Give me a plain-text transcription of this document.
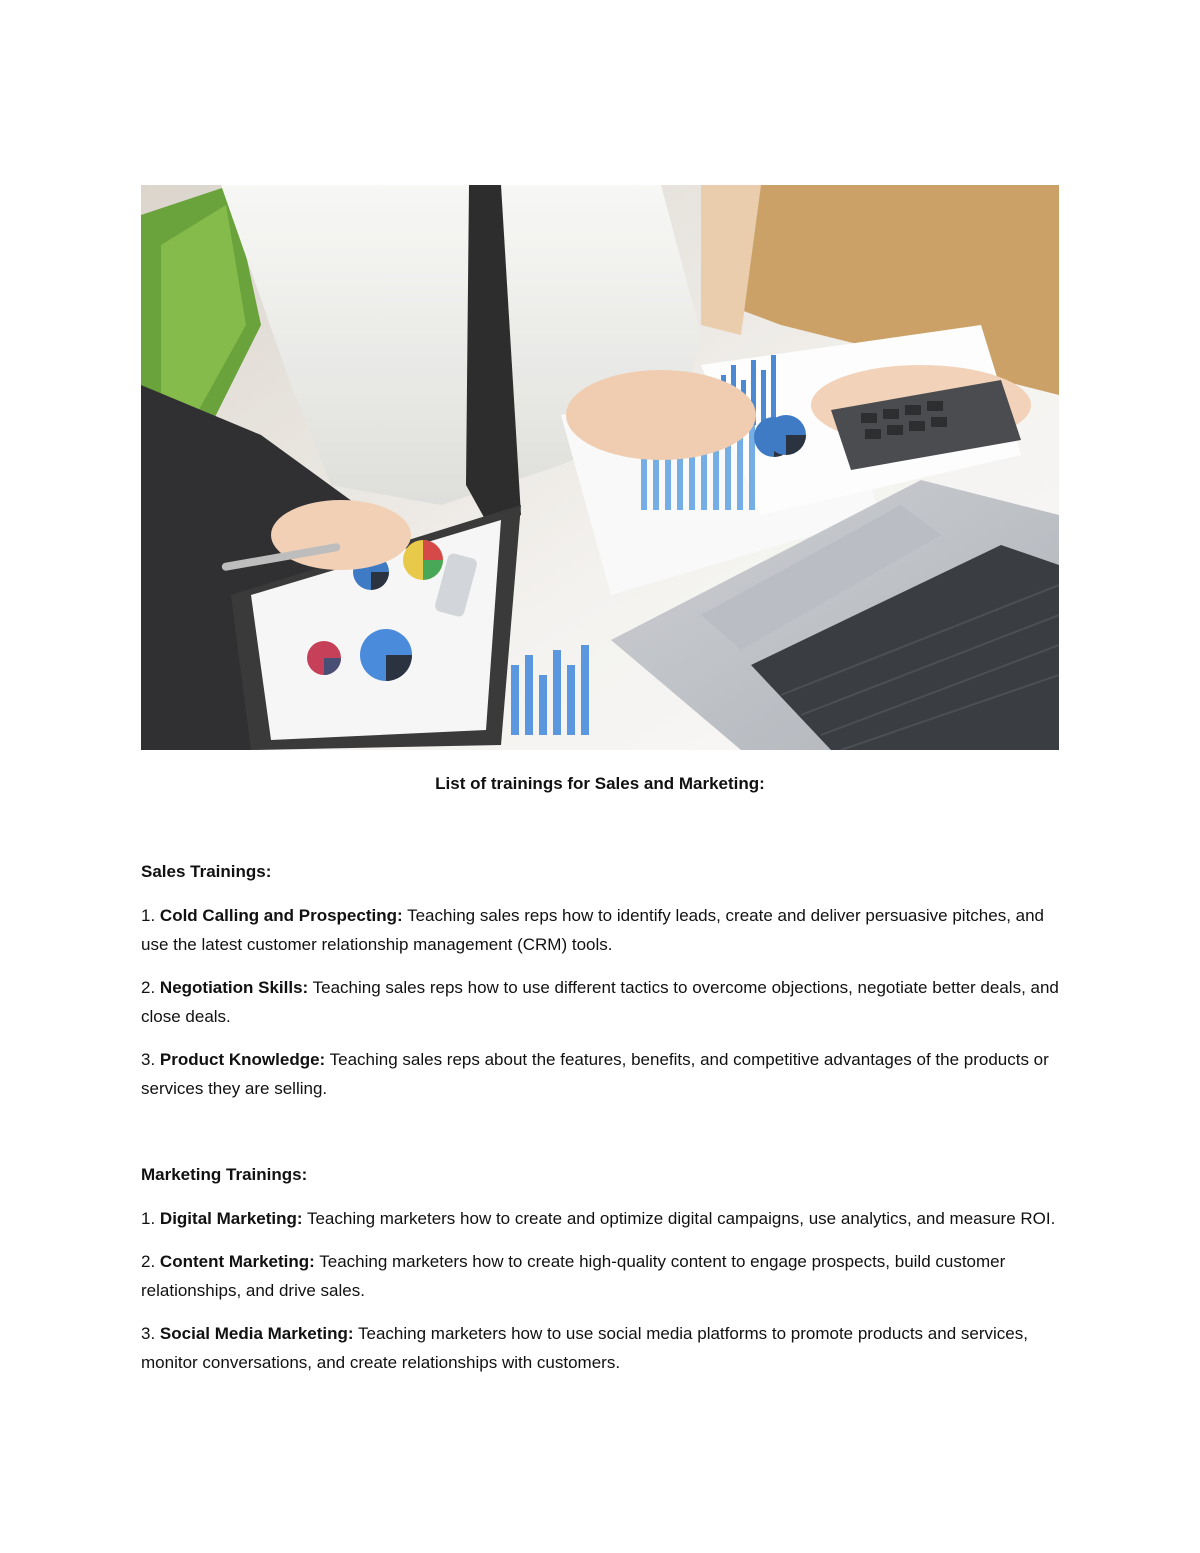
List of trainings for Sales and Marketing:

Sales Trainings:

1. Cold Calling and Prospecting: Teaching sales reps how to identify leads, create and deliver persuasive pitches, and use the latest customer relationship management (CRM) tools.

2. Negotiation Skills: Teaching sales reps how to use different tactics to overcome objections, negotiate better deals, and close deals.

3. Product Knowledge: Teaching sales reps about the features, benefits, and competitive advantages of the products or services they are selling.

Marketing Trainings:

1. Digital Marketing: Teaching marketers how to create and optimize digital campaigns, use analytics, and measure ROI.

2. Content Marketing: Teaching marketers how to create high-quality content to engage prospects, build customer relationships, and drive sales.

3. Social Media Marketing: Teaching marketers how to use social media platforms to promote products and services, monitor conversations, and create relationships with customers.
